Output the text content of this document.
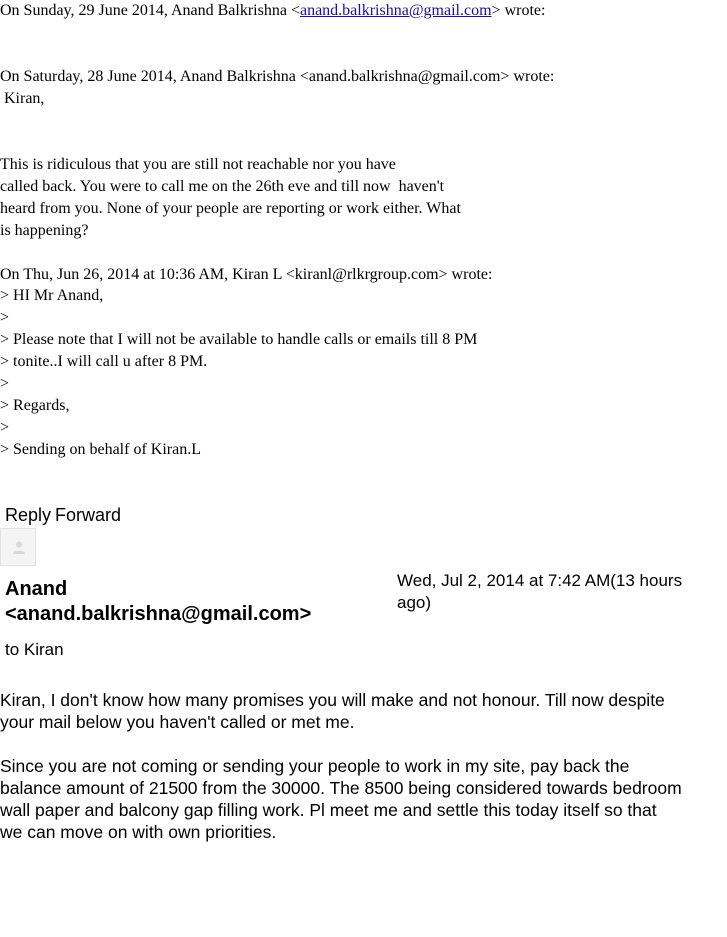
On Sunday, 29 June 2014, Anand Balkrishna <anand.balkrishna@gmail.com> wrote:
On Saturday, 28 June 2014, Anand Balkrishna <anand.balkrishna@gmail.com> wrote:
Kiran,
This is ridiculous that you are still not reachable nor you have
called back. You were to call me on the 26th eve and till now  haven't
heard from you. None of your people are reporting or work either. What
is happening?
On Thu, Jun 26, 2014 at 10:36 AM, Kiran L <kiranl@rlkrgroup.com> wrote:
> HI Mr Anand,
>
> Please note that I will not be available to handle calls or emails till 8 PM
> tonite..I will call u after 8 PM.
>
> Regards,
>
> Sending on behalf of Kiran.L
Reply Forward
Anand
<anand.balkrishna@gmail.com>
Wed, Jul 2, 2014 at 7:42 AM(13 hours ago)
to Kiran
Kiran, I don't know how many promises you will make and not honour. Till now despite
your mail below you haven't called or met me.
Since you are not coming or sending your people to work in my site, pay back the
balance amount of 21500 from the 30000. The 8500 being considered towards bedroom
wall paper and balcony gap filling work. Pl meet me and settle this today itself so that
we can move on with own priorities.
